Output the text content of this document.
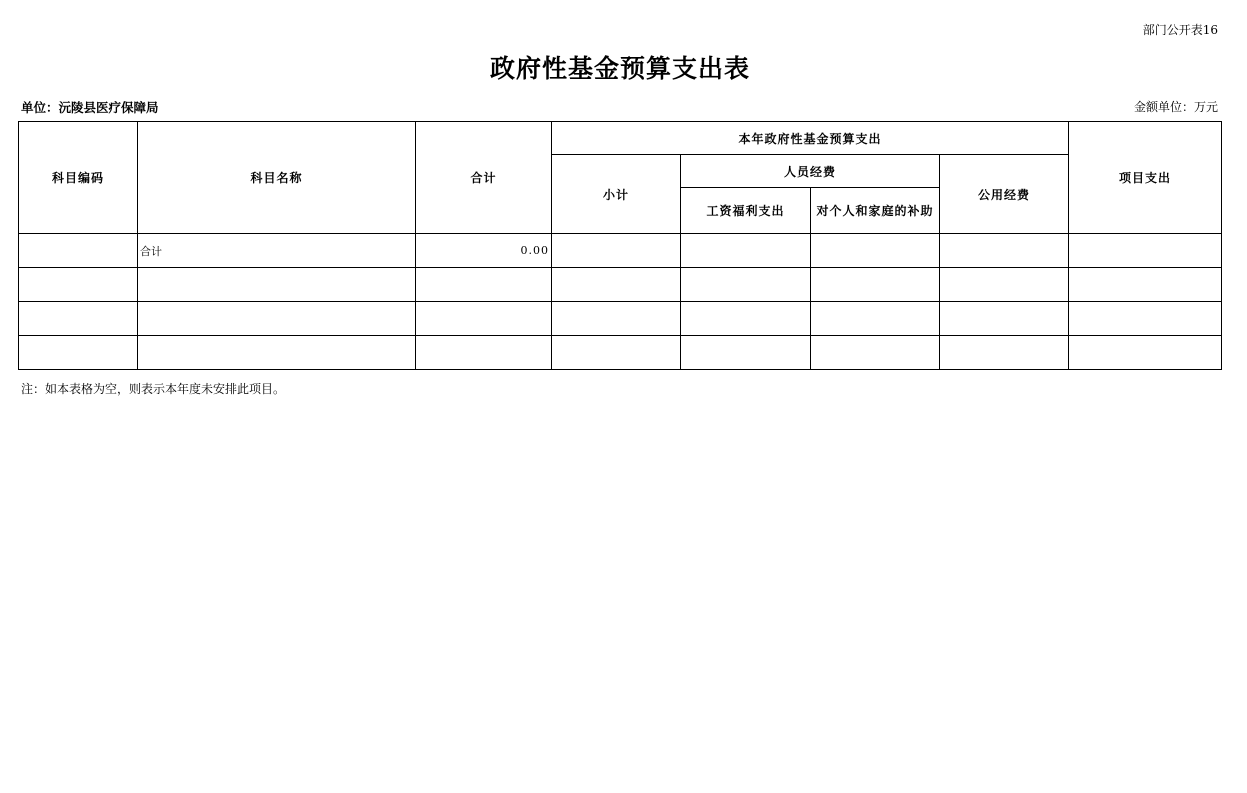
部门公开表16
政府性基金预算支出表
单位：沅陵县医疗保障局	金额单位：万元
科目编码	科目名称	合计	本年政府性基金预算支出				项目支出
			小计	人员经费		公用经费	
				工资福利支出	对个人和家庭的补助		
	合计	0.00					

注：如本表格为空，则表示本年度未安排此项目。
